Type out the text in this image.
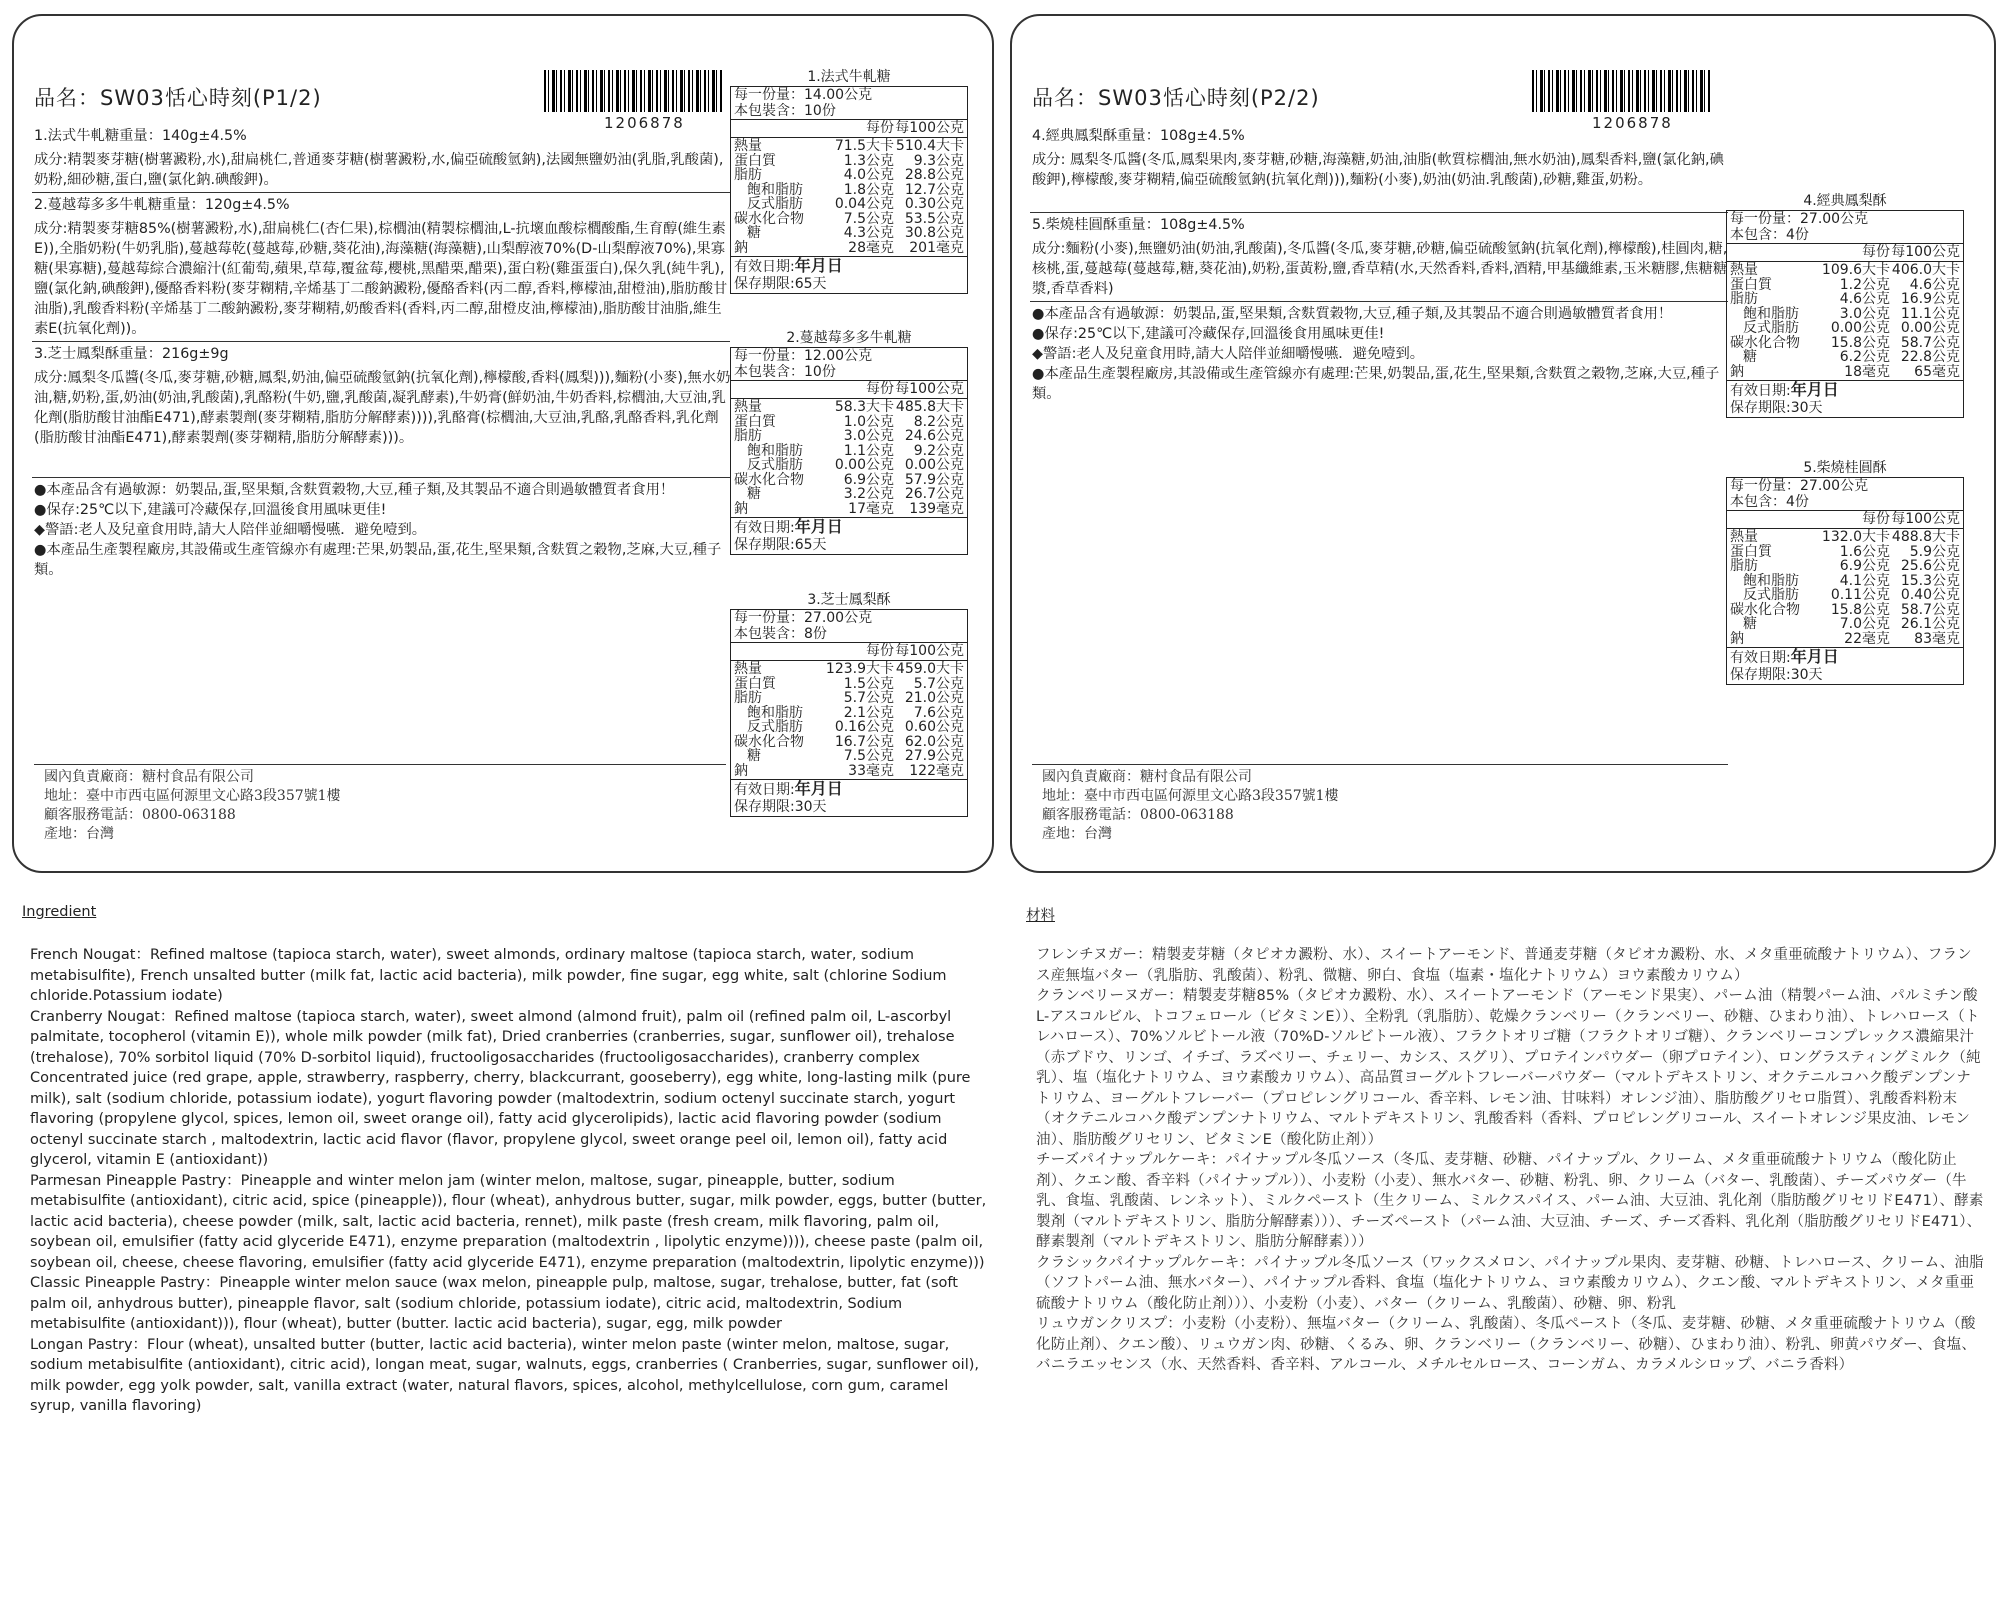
品名：SW03恬心時刻(P1/2)
1206878

1.法式牛軋糖重量：140g±4.5%

成分:精製麥芽糖(樹薯澱粉,水),甜扁桃仁,普通麥芽糖(樹薯澱粉,水,偏亞硫酸氫鈉),法國無鹽奶油(乳脂,乳酸菌),奶粉,細砂糖,蛋白,鹽(氯化鈉.碘酸鉀)。

2.蔓越莓多多牛軋糖重量：120g±4.5%

成分:精製麥芽糖85%(樹薯澱粉,水),甜扁桃仁(杏仁果),棕櫚油(精製棕櫚油,L-抗壞血酸棕櫚酸酯,生育醇(維生素E)),全脂奶粉(牛奶乳脂),蔓越莓乾(蔓越莓,砂糖,葵花油),海藻糖(海藻糖),山梨醇液70%(D-山梨醇液70%),果寡糖(果寡糖),蔓越莓綜合濃縮汁(紅葡萄,蘋果,草莓,覆盆莓,櫻桃,黑醋栗,醋栗),蛋白粉(雞蛋蛋白),保久乳(純牛乳),鹽(氯化鈉,碘酸鉀),優酪香料粉(麥芽糊精,辛烯基丁二酸鈉澱粉,優酪香料(丙二醇,香料,檸檬油,甜橙油),脂肪酸甘油脂),乳酸香料粉(辛烯基丁二酸鈉澱粉,麥芽糊精,奶酸香料(香料,丙二醇,甜橙皮油,檸檬油),脂肪酸甘油脂,維生素E(抗氧化劑))。

3.芝士鳳梨酥重量：216g±9g

成分:鳳梨冬瓜醬(冬瓜,麥芽糖,砂糖,鳳梨,奶油,偏亞硫酸氫鈉(抗氧化劑),檸檬酸,香料(鳳梨))),麵粉(小麥),無水奶油,糖,奶粉,蛋,奶油(奶油,乳酸菌),乳酪粉(牛奶,鹽,乳酸菌,凝乳酵素),牛奶膏(鮮奶油,牛奶香料,棕櫚油,大豆油,乳化劑(脂肪酸甘油酯E471),酵素製劑(麥芽糊精,脂肪分解酵素)))),乳酪膏(棕櫚油,大豆油,乳酪,乳酪香料,乳化劑(脂肪酸甘油酯E471),酵素製劑(麥芽糊精,脂肪分解酵素)))。

●本產品含有過敏源：奶製品,蛋,堅果類,含麩質穀物,大豆,種子類,及其製品不適合則過敏體質者食用！

●保存:25℃以下,建議可冷藏保存,回溫後食用風味更佳!

◆警語:老人及兒童食用時,請大人陪伴並細嚼慢嚥．避免噎到。

●本產品生產製程廠房,其設備或生產管線亦有處理:芒果,奶製品,蛋,花生,堅果類,含麩質之穀物,芝麻,大豆,種子類。

國內負責廠商：糖村食品有限公司

地址：臺中市西屯區何源里文心路3段357號1樓

顧客服務電話：0800-063188

產地：台灣

1.法式牛軋糖
每一份量：14.00公克
本包裝含：10份
每份 每100公克
熱量	71.5大卡 510.4大卡
蛋白質	1.3公克	9.3公克
脂肪	4.0公克 28.8公克
飽和脂肪	1.8公克 12.7公克
反式脂肪	0.04公克 0.30公克
碳水化合物	7.5公克 53.5公克
糖	4.3公克 30.8公克
鈉	28毫克	201毫克
有效日期:年月日
保存期限:65天
2.蔓越莓多多牛軋糖
每一份量：12.00公克
本包裝含：10份
每份 每100公克
熱量	58.3大卡 485.8大卡
蛋白質	1.0公克	8.2公克
脂肪	3.0公克 24.6公克
飽和脂肪	1.1公克	9.2公克
反式脂肪	0.00公克 0.00公克
碳水化合物	6.9公克 57.9公克
糖	3.2公克 26.7公克
鈉	17毫克	139毫克
有效日期:年月日
保存期限:65天
3.芝士鳳梨酥
每一份量：27.00公克
本包裝含：8份
每份 每100公克
熱量	123.9大卡 459.0大卡
蛋白質	1.5公克	5.7公克
脂肪	5.7公克 21.0公克
飽和脂肪	2.1公克	7.6公克
反式脂肪	0.16公克 0.60公克
碳水化合物	16.7公克 62.0公克
糖	7.5公克 27.9公克
鈉	33毫克	122毫克
有效日期:年月日
保存期限:30天
品名：SW03恬心時刻(P2/2)
1206878

4.經典鳳梨酥重量：108g±4.5%

成分: 鳳梨冬瓜醬(冬瓜,鳳梨果肉,麥芽糖,砂糖,海藻糖,奶油,油脂(軟質棕櫚油,無水奶油),鳳梨香料,鹽(氯化鈉,碘酸鉀),檸檬酸,麥芽糊精,偏亞硫酸氫鈉(抗氧化劑))),麵粉(小麥),奶油(奶油.乳酸菌),砂糖,雞蛋,奶粉。

5.柴燒桂圓酥重量：108g±4.5%

成分:麵粉(小麥),無鹽奶油(奶油,乳酸菌),冬瓜醬(冬瓜,麥芽糖,砂糖,偏亞硫酸氫鈉(抗氧化劑),檸檬酸),桂圓肉,糖,核桃,蛋,蔓越莓(蔓越莓,糖,葵花油),奶粉,蛋黃粉,鹽,香草精(水,天然香料,香料,酒精,甲基纖維素,玉米糖膠,焦糖糖漿,香草香料)

●本產品含有過敏源：奶製品,蛋,堅果類,含麩質穀物,大豆,種子類,及其製品不適合則過敏體質者食用！

●保存:25℃以下,建議可冷藏保存,回溫後食用風味更佳!

◆警語:老人及兒童食用時,請大人陪伴並細嚼慢嚥．避免噎到。

●本產品生產製程廠房,其設備或生產管線亦有處理:芒果,奶製品,蛋,花生,堅果類,含麩質之穀物,芝麻,大豆,種子類。

國內負責廠商：糖村食品有限公司

地址：臺中市西屯區何源里文心路3段357號1樓

顧客服務電話：0800-063188

產地：台灣

4.經典鳳梨酥
每一份量：27.00公克
本包含：4份
每份 每100公克
熱量	109.6大卡 406.0大卡
蛋白質	1.2公克	4.6公克
脂肪	4.6公克 16.9公克
飽和脂肪	3.0公克 11.1公克
反式脂肪	0.00公克 0.00公克
碳水化合物	15.8公克 58.7公克
糖	6.2公克 22.8公克
鈉	18毫克	65毫克
有效日期:年月日
保存期限:30天
5.柴燒桂圓酥
每一份量：27.00公克
本包含：4份
每份 每100公克
熱量	132.0大卡 488.8大卡
蛋白質	1.6公克	5.9公克
脂肪	6.9公克 25.6公克
飽和脂肪	4.1公克 15.3公克
反式脂肪	0.11公克 0.40公克
碳水化合物	15.8公克 58.7公克
糖	7.0公克 26.1公克
鈉	22毫克	83毫克
有效日期:年月日
保存期限:30天
Ingredient

French Nougat：Refined maltose (tapioca starch, water), sweet almonds, ordinary maltose (tapioca starch, water, sodium metabisulfite), French unsalted butter (milk fat, lactic acid bacteria), milk powder, fine sugar, egg white, salt (chlorine Sodium chloride.Potassium iodate)

Cranberry Nougat：Refined maltose (tapioca starch, water), sweet almond (almond fruit), palm oil (refined palm oil, L-ascorbyl palmitate, tocopherol (vitamin E)), whole milk powder (milk fat), Dried cranberries (cranberries, sugar, sunflower oil), trehalose (trehalose), 70% sorbitol liquid (70% D-sorbitol liquid), fructooligosaccharides (fructooligosaccharides), cranberry complex Concentrated juice (red grape, apple, strawberry, raspberry, cherry, blackcurrant, gooseberry), egg white, long-lasting milk (pure milk), salt (sodium chloride, potassium iodate), yogurt flavoring powder (maltodextrin, sodium octenyl succinate starch, yogurt flavoring (propylene glycol, spices, lemon oil, sweet orange oil), fatty acid glycerolipids), lactic acid flavoring powder (sodium octenyl succinate starch , maltodextrin, lactic acid flavor (flavor, propylene glycol, sweet orange peel oil, lemon oil), fatty acid glycerol, vitamin E (antioxidant))

Parmesan Pineapple Pastry：Pineapple and winter melon jam (winter melon, maltose, sugar, pineapple, butter, sodium metabisulfite (antioxidant), citric acid, spice (pineapple)), flour (wheat), anhydrous butter, sugar, milk powder, eggs, butter (butter, lactic acid bacteria), cheese powder (milk, salt, lactic acid bacteria, rennet), milk paste (fresh cream, milk flavoring, palm oil, soybean oil, emulsifier (fatty acid glyceride E471), enzyme preparation (maltodextrin , lipolytic enzyme)))), cheese paste (palm oil, soybean oil, cheese, cheese flavoring, emulsifier (fatty acid glyceride E471), enzyme preparation (maltodextrin, lipolytic enzyme)))

Classic Pineapple Pastry：Pineapple winter melon sauce (wax melon, pineapple pulp, maltose, sugar, trehalose, butter, fat (soft palm oil, anhydrous butter), pineapple flavor, salt (sodium chloride, potassium iodate), citric acid, maltodextrin, Sodium metabisulfite (antioxidant))), flour (wheat), butter (butter. lactic acid bacteria), sugar, egg, milk powder

Longan Pastry：Flour (wheat), unsalted butter (butter, lactic acid bacteria), winter melon paste (winter melon, maltose, sugar, sodium metabisulfite (antioxidant), citric acid), longan meat, sugar, walnuts, eggs, cranberries ( Cranberries, sugar, sunflower oil), milk powder, egg yolk powder, salt, vanilla extract (water, natural flavors, spices, alcohol, methylcellulose, corn gum, caramel syrup, vanilla flavoring)

材料

フレンチヌガー：精製麦芽糖（タピオカ澱粉、水）、スイートアーモンド、普通麦芽糖（タピオカ澱粉、水、メタ重亜硫酸ナトリウム）、フランス産無塩バター（乳脂肪、乳酸菌）、粉乳、微糖、卵白、食塩（塩素・塩化ナトリウム）ヨウ素酸カリウム）

クランベリーヌガー：精製麦芽糖85%（タピオカ澱粉、水）、スイートアーモンド（アーモンド果実）、パーム油（精製パーム油、パルミチン酸L-アスコルビル、トコフェロール（ビタミンE））、全粉乳（乳脂肪）、乾燥クランベリー（クランベリー、砂糖、ひまわり油）、トレハロース（トレハロース）、70%ソルビトール液（70%D-ソルビトール液）、フラクトオリゴ糖（フラクトオリゴ糖）、クランベリーコンプレックス濃縮果汁（赤ブドウ、リンゴ、イチゴ、ラズベリー、チェリー、カシス、スグリ）、プロテインパウダー（卵プロテイン）、ロングラスティングミルク（純乳）、塩（塩化ナトリウム、ヨウ素酸カリウム）、高品質ヨーグルトフレーバーパウダー（マルトデキストリン、オクテニルコハク酸デンプンナトリウム、ヨーグルトフレーバー（プロピレングリコール、香辛料、レモン油、甘味料）オレンジ油）、脂肪酸グリセロ脂質）、乳酸香料粉末（オクテニルコハク酸デンプンナトリウム、マルトデキストリン、乳酸香料（香料、プロピレングリコール、スイートオレンジ果皮油、レモン油）、脂肪酸グリセリン、ビタミンE（酸化防止剤））

チーズパイナップルケーキ：パイナップル冬瓜ソース（冬瓜、麦芽糖、砂糖、パイナップル、クリーム、メタ重亜硫酸ナトリウム（酸化防止剤）、クエン酸、香辛料（パイナップル））、小麦粉（小麦）、無水バター、砂糖、粉乳、卵、クリーム（バター、乳酸菌）、チーズパウダー（牛乳、食塩、乳酸菌、レンネット）、ミルクペースト（生クリーム、ミルクスパイス、パーム油、大豆油、乳化剤（脂肪酸グリセリドE471）、酵素製剤（マルトデキストリン、脂肪分解酵素）））、チーズペースト（パーム油、大豆油、チーズ、チーズ香料、乳化剤（脂肪酸グリセリドE471）、酵素製剤（マルトデキストリン、脂肪分解酵素）））

クラシックパイナップルケーキ：パイナップル冬瓜ソース（ワックスメロン、パイナップル果肉、麦芽糖、砂糖、トレハロース、クリーム、油脂（ソフトパーム油、無水バター）、パイナップル香料、食塩（塩化ナトリウム、ヨウ素酸カリウム）、クエン酸、マルトデキストリン、メタ重亜硫酸ナトリウム（酸化防止剤）））、小麦粉（小麦）、バター（クリーム、乳酸菌）、砂糖、卵、粉乳

リュウガンクリスプ：小麦粉（小麦粉）、無塩バター（クリーム、乳酸菌）、冬瓜ペースト（冬瓜、麦芽糖、砂糖、メタ重亜硫酸ナトリウム（酸化防止剤）、クエン酸）、リュウガン肉、砂糖、くるみ、卵、クランベリー（クランベリー、砂糖）、ひまわり油）、粉乳、卵黄パウダー、食塩、バニラエッセンス（水、天然香料、香辛料、アルコール、メチルセルロース、コーンガム、カラメルシロップ、バニラ香料）
